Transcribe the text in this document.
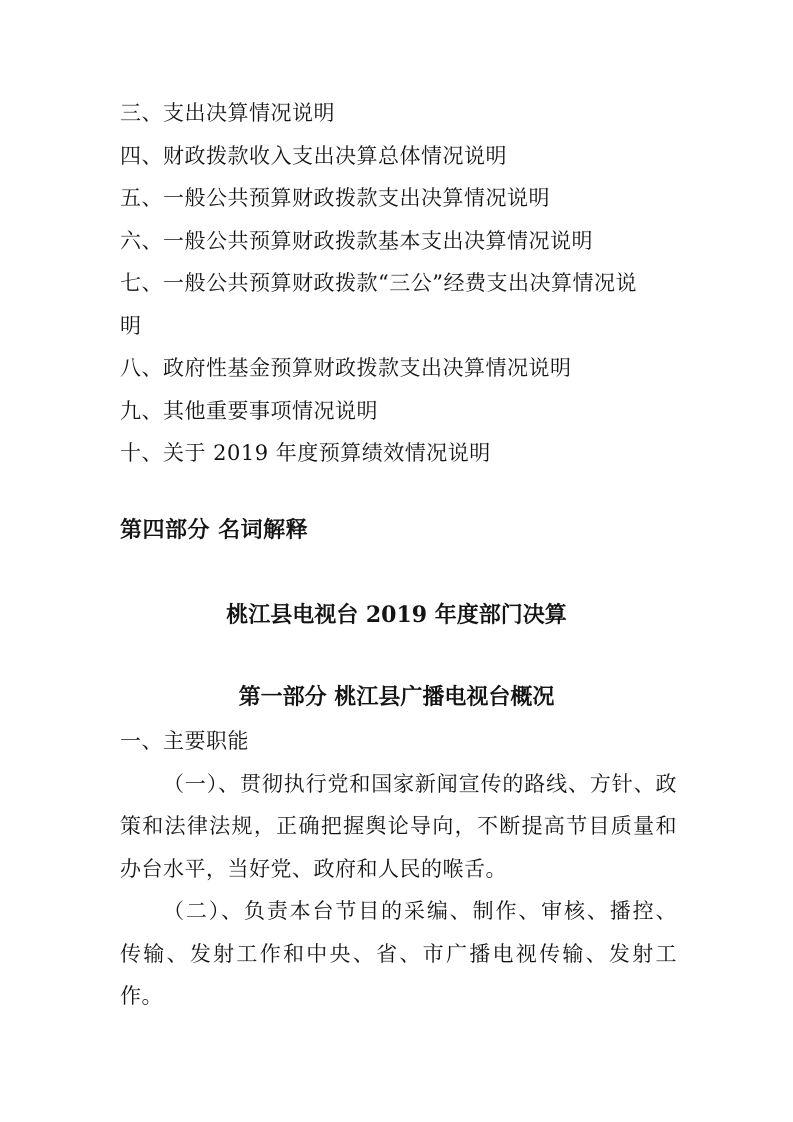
三、支出决算情况说明
四、财政拨款收入支出决算总体情况说明
五、一般公共预算财政拨款支出决算情况说明
六、一般公共预算财政拨款基本支出决算情况说明
七、一般公共预算财政拨款“三公”经费支出决算情况说
明
八、政府性基金预算财政拨款支出决算情况说明
九、其他重要事项情况说明
十、关于 2019 年度预算绩效情况说明
第四部分 名词解释
桃江县电视台 2019 年度部门决算
第一部分 桃江县广播电视台概况
一、主要职能
（一）、贯彻执行党和国家新闻宣传的路线、方针、政
策和法律法规，正确把握舆论导向，不断提高节目质量和
办台水平，当好党、政府和人民的喉舌。
（二）、负责本台节目的采编、制作、审核、播控、
传输、发射工作和中央、省、市广播电视传输、发射工
作。
